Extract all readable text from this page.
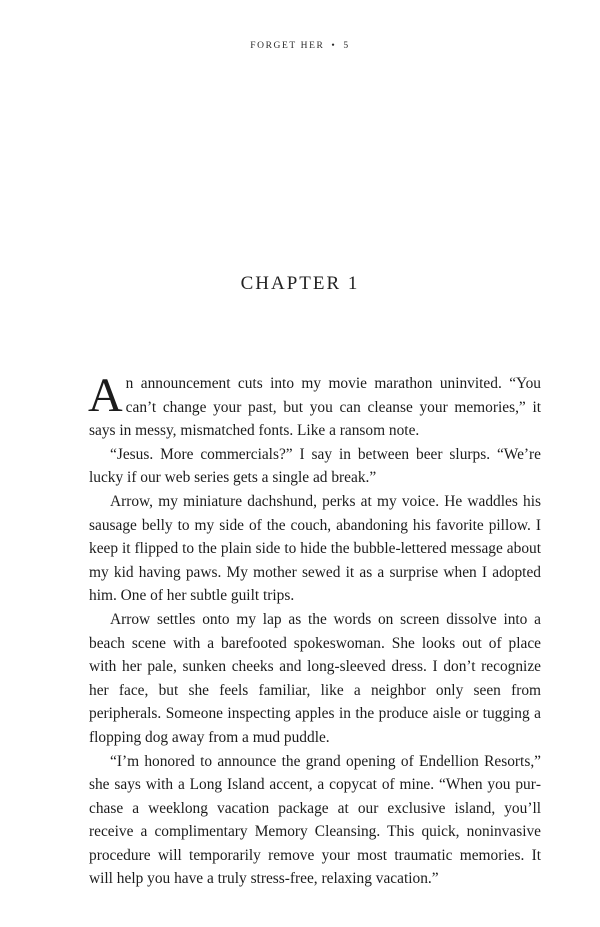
FORGET HER • 5
CHAPTER 1

An announcement cuts into my movie marathon uninvited. “You can’t change your past, but you can cleanse your memories,” it says in messy, mismatched fonts. Like a ransom note.

“Jesus. More commercials?” I say in between beer slurps. “We’re lucky if our web series gets a single ad break.”

Arrow, my miniature dachshund, perks at my voice. He waddles his sausage belly to my side of the couch, abandoning his favorite pillow. I keep it flipped to the plain side to hide the bubble-lettered message about my kid having paws. My mother sewed it as a surprise when I adopted him. One of her subtle guilt trips.

Arrow settles onto my lap as the words on screen dissolve into a beach scene with a barefooted spokeswoman. She looks out of place with her pale, sunken cheeks and long-sleeved dress. I don’t recognize her face, but she feels familiar, like a neighbor only seen from peripherals. Someone inspecting apples in the produce aisle or tugging a flopping dog away from a mud puddle.

“I’m honored to announce the grand opening of Endellion Resorts,” she says with a Long Island accent, a copycat of mine. “When you purchase a weeklong vacation package at our exclusive island, you’ll receive a complimentary Memory Cleansing. This quick, noninvasive procedure will temporarily remove your most traumatic memories. It will help you have a truly stress-free, relaxing vacation.”
